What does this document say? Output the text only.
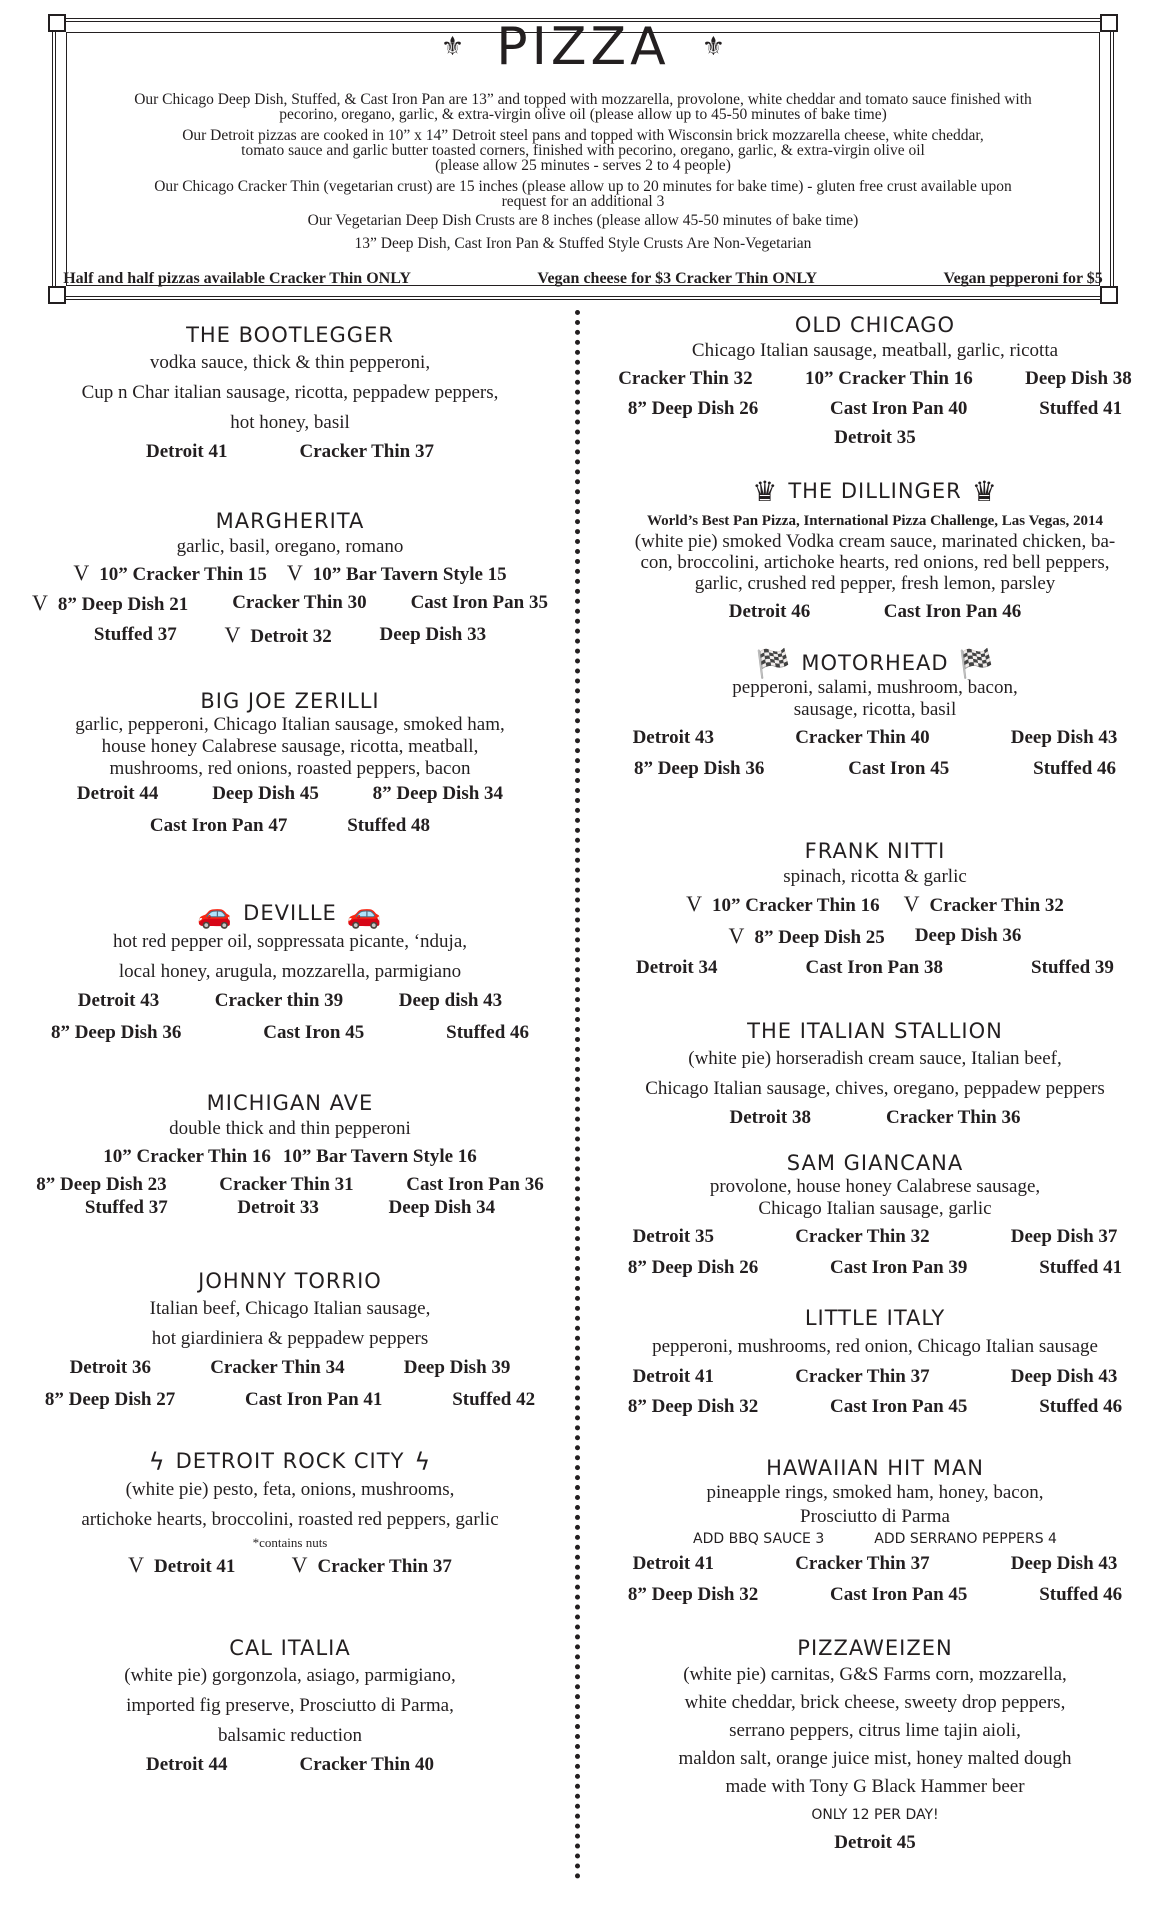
⚜ PIZZA ⚜
Our Chicago Deep Dish, Stuffed, & Cast Iron Pan are 13” and topped with mozzarella, provolone, white cheddar and tomato sauce finished with
pecorino, oregano, garlic, & extra-virgin olive oil (please allow up to 45-50 minutes of bake time)
Our Detroit pizzas are cooked in 10” x 14” Detroit steel pans and topped with Wisconsin brick mozzarella cheese, white cheddar,
tomato sauce and garlic butter toasted corners, finished with pecorino, oregano, garlic, & extra-virgin olive oil
(please allow 25 minutes - serves 2 to 4 people)
Our Chicago Cracker Thin (vegetarian crust) are 15 inches (please allow up to 20 minutes for bake time) - gluten free crust available upon
request for an additional 3
Our Vegetarian Deep Dish Crusts are 8 inches (please allow 45-50 minutes of bake time)
13” Deep Dish, Cast Iron Pan & Stuffed Style Crusts Are Non-Vegetarian
Half and half pizzas available Cracker Thin ONLY	Vegan cheese for $3 Cracker Thin ONLY	Vegan pepperoni for $5
THE BOOTLEGGER
vodka sauce, thick & thin pepperoni,
Cup n Char italian sausage, ricotta, peppadew peppers,
hot honey, basil
Detroit 41	Cracker Thin 37
MARGHERITA
garlic, basil, oregano, romano
V 10” Cracker Thin 15 V 10” Bar Tavern Style 15
V 8” Deep Dish 21 Cracker Thin 30 Cast Iron Pan 35
Stuffed 37 V Detroit 32	Deep Dish 33
BIG JOE ZERILLI
garlic, pepperoni, Chicago Italian sausage, smoked ham,
house honey Calabrese sausage, ricotta, meatball,
mushrooms, red onions, roasted peppers, bacon
Detroit 44	Deep Dish 45	8” Deep Dish 34
Cast Iron Pan 47	Stuffed 48
🚗 DEVILLE 🚗
hot red pepper oil, soppressata picante, ‘nduja,
local honey, arugula, mozzarella, parmigiano
Detroit 43	Cracker thin 39	Deep dish 43
8” Deep Dish 36	Cast Iron 45	Stuffed 46
MICHIGAN AVE
double thick and thin pepperoni
10” Cracker Thin 16 10” Bar Tavern Style 16
8” Deep Dish 23	Cracker Thin 31	Cast Iron Pan 36
Stuffed 37	Detroit 33	Deep Dish 34
JOHNNY TORRIO
Italian beef, Chicago Italian sausage,
hot giardiniera & peppadew peppers
Detroit 36	Cracker Thin 34	Deep Dish 39
8” Deep Dish 27	Cast Iron Pan 41	Stuffed 42
ϟ DETROIT ROCK CITY ϟ
(white pie) pesto, feta, onions, mushrooms,
artichoke hearts, broccolini, roasted red peppers, garlic
*contains nuts
V Detroit 41	V Cracker Thin 37
CAL ITALIA
(white pie) gorgonzola, asiago, parmigiano,
imported fig preserve, Prosciutto di Parma,
balsamic reduction
Detroit 44	Cracker Thin 40
OLD CHICAGO
Chicago Italian sausage, meatball, garlic, ricotta
Cracker Thin 32	10” Cracker Thin 16	Deep Dish 38
8” Deep Dish 26	Cast Iron Pan 40	Stuffed 41
Detroit 35
♛ THE DILLINGER ♛
World’s Best Pan Pizza, International Pizza Challenge, Las Vegas, 2014
(white pie) smoked Vodka cream sauce, marinated chicken, ba-
con, broccolini, artichoke hearts, red onions, red bell peppers,
garlic, crushed red pepper, fresh lemon, parsley
Detroit 46	Cast Iron Pan 46
🏁 MOTORHEAD 🏁
pepperoni, salami, mushroom, bacon,
sausage, ricotta, basil
Detroit 43	Cracker Thin 40	Deep Dish 43
8” Deep Dish 36	Cast Iron 45	Stuffed 46
FRANK NITTI
spinach, ricotta & garlic
V 10” Cracker Thin 16 V Cracker Thin 32
V 8” Deep Dish 25 Deep Dish 36
Detroit 34	Cast Iron Pan 38	Stuffed 39
THE ITALIAN STALLION
(white pie) horseradish cream sauce, Italian beef,
Chicago Italian sausage, chives, oregano, peppadew peppers
Detroit 38	Cracker Thin 36
SAM GIANCANA
provolone, house honey Calabrese sausage,
Chicago Italian sausage, garlic
Detroit 35	Cracker Thin 32	Deep Dish 37
8” Deep Dish 26	Cast Iron Pan 39	Stuffed 41
LITTLE ITALY
pepperoni, mushrooms, red onion, Chicago Italian sausage
Detroit 41	Cracker Thin 37	Deep Dish 43
8” Deep Dish 32	Cast Iron Pan 45	Stuffed 46
HAWAIIAN HIT MAN
pineapple rings, smoked ham, honey, bacon,
Prosciutto di Parma
ADD BBQ SAUCE 3	ADD SERRANO PEPPERS 4
Detroit 41	Cracker Thin 37	Deep Dish 43
8” Deep Dish 32	Cast Iron Pan 45	Stuffed 46
PIZZAWEIZEN
(white pie) carnitas, G&S Farms corn, mozzarella,
white cheddar, brick cheese, sweety drop peppers,
serrano peppers, citrus lime tajin aioli,
maldon salt, orange juice mist, honey malted dough
made with Tony G Black Hammer beer
ONLY 12 PER DAY!
Detroit 45
